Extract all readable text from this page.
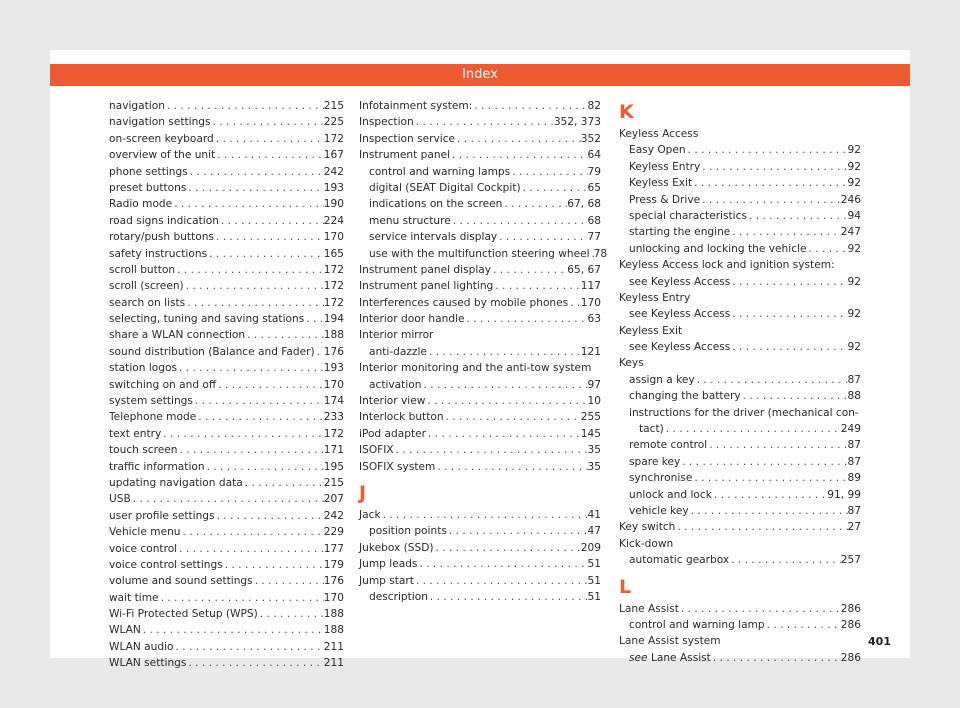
Index
navigation . . .	215
navigation settings . . .	225
on-screen keyboard . . .	172
overview of the unit . . .	167
phone settings . . .	242
preset buttons . . .	193
Radio mode . . .	190
road signs indication . . .	224
rotary/push buttons . . .	170
safety instructions . . .	165
scroll button . . .	172
scroll (screen) . . .	172
search on lists . . .	172
selecting, tuning and saving stations . . . 194
share a WLAN connection . . .	188
sound distribution (Balance and Fader) . . . 176
station logos . . .	193
switching on and off . . .	170
system settings . . .	174
Telephone mode . . .	233
text entry . . .	172
touch screen . . .	171
traffic information . . .	195
updating navigation data . . .	215
USB . . .	207
user profile settings . . .	242
Vehicle menu . . .	229
voice control . . .	177
voice control settings . . .	179
volume and sound settings . . .	176
wait time . . .	170
Wi-Fi Protected Setup (WPS) . . .	188
WLAN . . .	188
WLAN audio . . .	211
WLAN settings . . .	211
Infotainment system: . . .	82
Inspection . . .	352, 373
Inspection service . . .	352
Instrument panel . . .	64
control and warning lamps . . .	79
digital (SEAT Digital Cockpit) . . .	65
indications on the screen . . .	67, 68
menu structure . . .	68
service intervals display . . .	77
use with the multifunction steering wheel . . . 78
Instrument panel display . . .	65, 67
Instrument panel lighting . . .	117
Interferences caused by mobile phones . . . 170
Interior door handle . . .	63
Interior mirror
anti-dazzle . . .	121
Interior monitoring and the anti-tow system
activation . . .	97
Interior view . . .	10
Interlock button . . .	255
iPod adapter . . .	145
ISOFIX . . .	35
ISOFIX system . . .	35
J
Jack . . .	41
position points . . .	47
Jukebox (SSD) . . .	209
Jump leads . . .	51
Jump start . . .	51
description . . .	51
K
Keyless Access
Easy Open . . .	92
Keyless Entry . . .	92
Keyless Exit . . .	92
Press & Drive . . .	246
special characteristics . . .	94
starting the engine . . .	247
unlocking and locking the vehicle . . .	92
Keyless Access lock and ignition system:
see Keyless Access . . .	92
Keyless Entry
see Keyless Access . . .	92
Keyless Exit
see Keyless Access . . .	92
Keys
assign a key . . .	87
changing the battery . . .	88
instructions for the driver (mechanical con-
tact) . . .	249
remote control . . .	87
spare key . . .	87
synchronise . . .	89
unlock and lock . . .	91, 99
vehicle key . . .	87
Key switch . . .	27
Kick-down
automatic gearbox . . .	257
L
Lane Assist . . .	286
control and warning lamp . . .	286
Lane Assist system
see Lane Assist . . .	286
401
